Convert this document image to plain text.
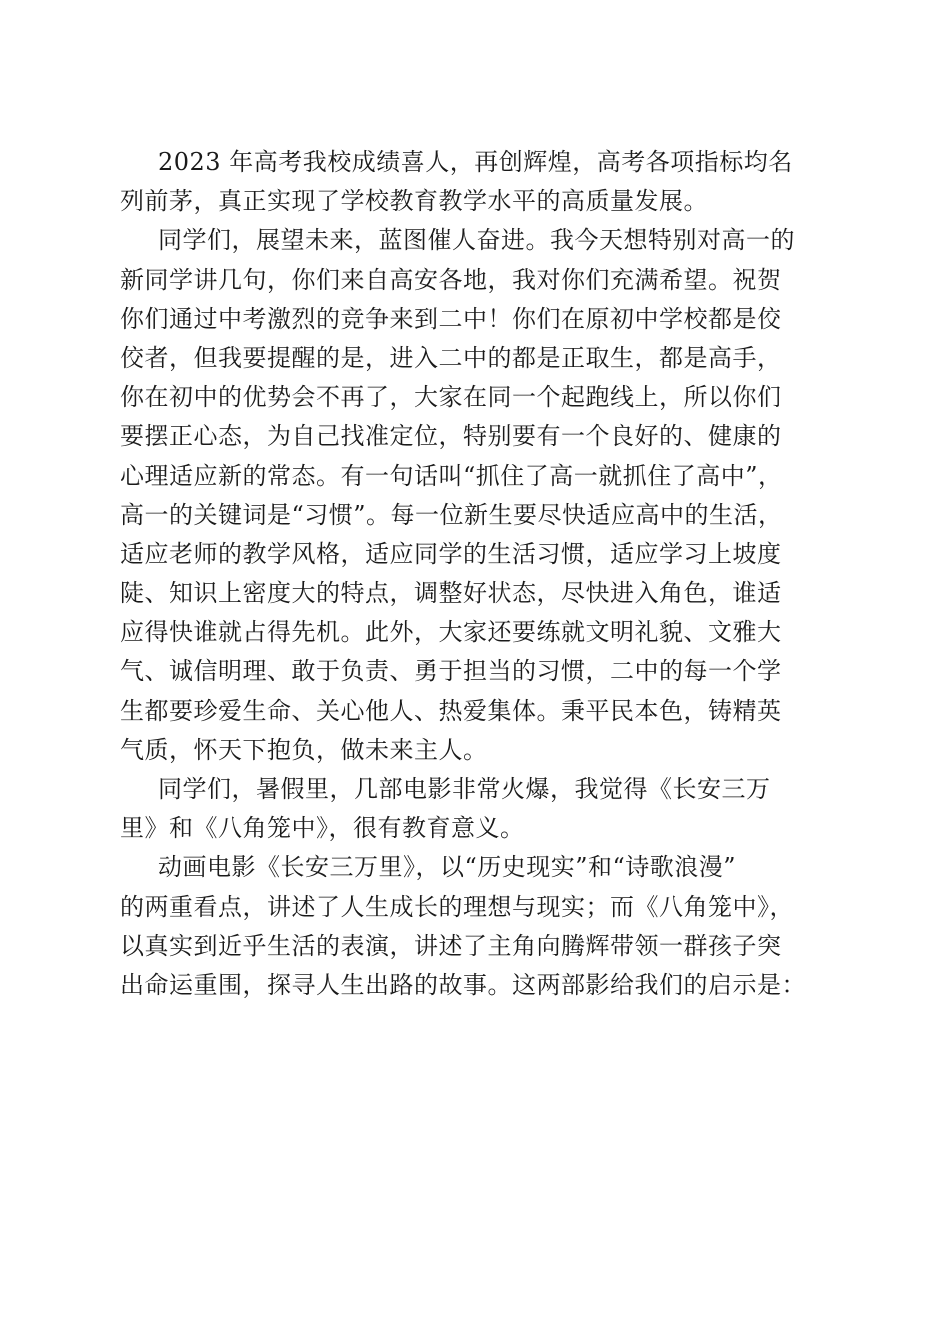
2023 年高考我校成绩喜人，再创辉煌，高考各项指标均名
列前茅，真正实现了学校教育教学水平的高质量发展。
同学们，展望未来，蓝图催人奋进。我今天想特别对高一的
新同学讲几句，你们来自高安各地，我对你们充满希望。祝贺
你们通过中考激烈的竞争来到二中！你们在原初中学校都是佼
佼者，但我要提醒的是，进入二中的都是正取生，都是高手，
你在初中的优势会不再了，大家在同一个起跑线上，所以你们
要摆正心态，为自己找准定位，特别要有一个良好的、健康的
心理适应新的常态。有一句话叫“抓住了高一就抓住了高中”，
高一的关键词是“习惯”。每一位新生要尽快适应高中的生活，
适应老师的教学风格，适应同学的生活习惯，适应学习上坡度
陡、知识上密度大的特点，调整好状态，尽快进入角色，谁适
应得快谁就占得先机。此外，大家还要练就文明礼貌、文雅大
气、诚信明理、敢于负责、勇于担当的习惯，二中的每一个学
生都要珍爱生命、关心他人、热爱集体。秉平民本色，铸精英
气质，怀天下抱负，做未来主人。
同学们，暑假里，几部电影非常火爆，我觉得《长安三万
里》和《八角笼中》，很有教育意义。
动画电影《长安三万里》，以“历史现实”和“诗歌浪漫”
的两重看点，讲述了人生成长的理想与现实；而《八角笼中》，
以真实到近乎生活的表演，讲述了主角向腾辉带领一群孩子突
出命运重围，探寻人生出路的故事。这两部影给我们的启示是：
